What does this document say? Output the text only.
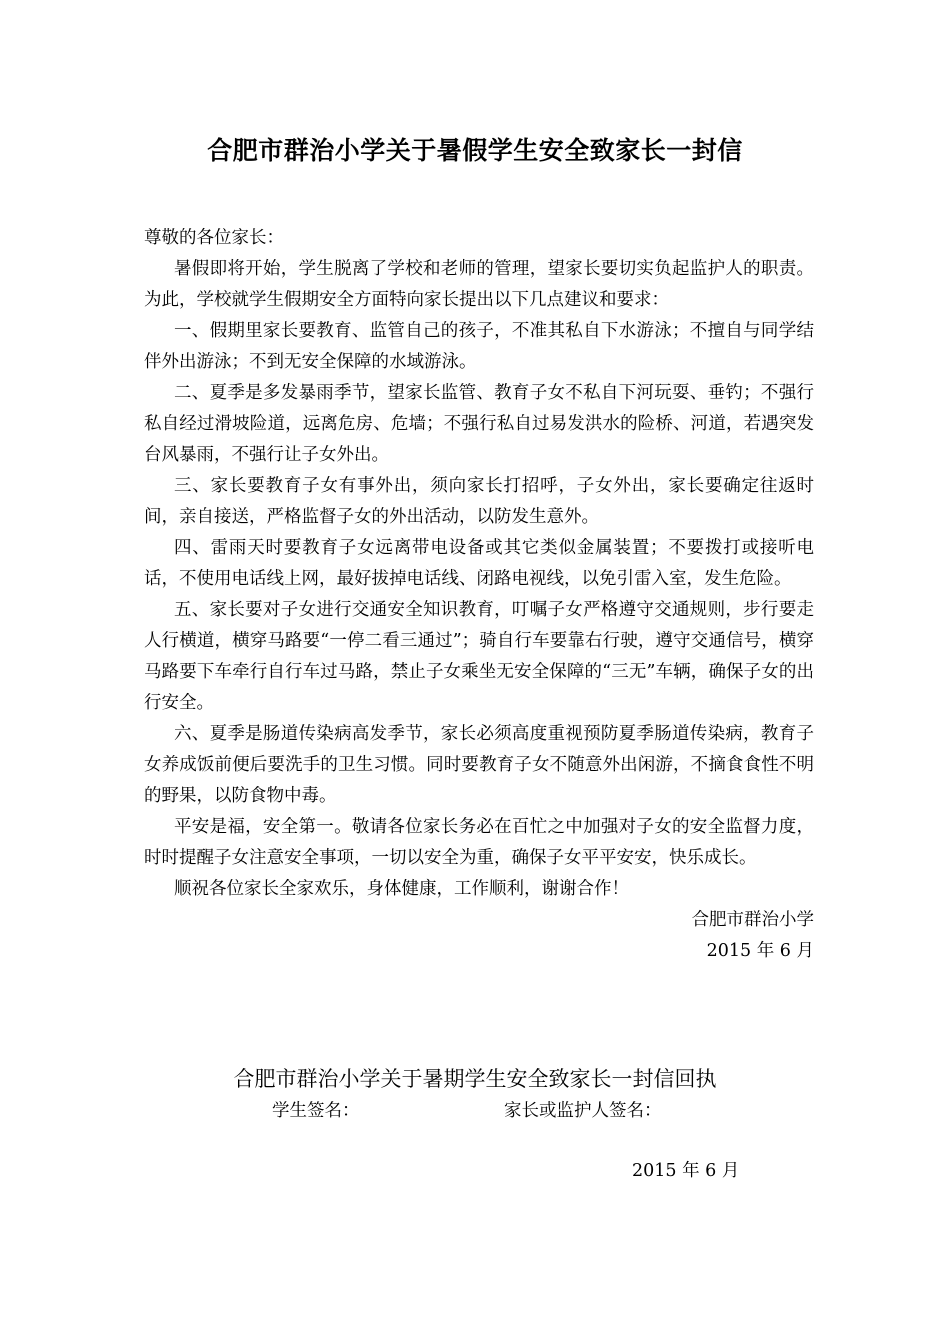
合肥市群治小学关于暑假学生安全致家长一封信

尊敬的各位家长：

暑假即将开始，学生脱离了学校和老师的管理，望家长要切实负起监护人的职责。为此，学校就学生假期安全方面特向家长提出以下几点建议和要求：

一、假期里家长要教育、监管自己的孩子，不准其私自下水游泳；不擅自与同学结伴外出游泳；不到无安全保障的水域游泳。

二、夏季是多发暴雨季节，望家长监管、教育子女不私自下河玩耍、垂钓；不强行私自经过滑坡险道，远离危房、危墙；不强行私自过易发洪水的险桥、河道，若遇突发台风暴雨，不强行让子女外出。

三、家长要教育子女有事外出，须向家长打招呼，子女外出，家长要确定往返时间，亲自接送，严格监督子女的外出活动，以防发生意外。

四、雷雨天时要教育子女远离带电设备或其它类似金属装置；不要拨打或接听电话，不使用电话线上网，最好拔掉电话线、闭路电视线，以免引雷入室，发生危险。

五、家长要对子女进行交通安全知识教育，叮嘱子女严格遵守交通规则，步行要走人行横道，横穿马路要“一停二看三通过”；骑自行车要靠右行驶，遵守交通信号，横穿马路要下车牵行自行车过马路，禁止子女乘坐无安全保障的“三无”车辆，确保子女的出行安全。

六、夏季是肠道传染病高发季节，家长必须高度重视预防夏季肠道传染病，教育子女养成饭前便后要洗手的卫生习惯。同时要教育子女不随意外出闲游，不摘食食性不明的野果，以防食物中毒。

平安是福，安全第一。敬请各位家长务必在百忙之中加强对子女的安全监督力度，时时提醒子女注意安全事项，一切以安全为重，确保子女平平安安，快乐成长。

顺祝各位家长全家欢乐，身体健康，工作顺利，谢谢合作！

合肥市群治小学

2015 年 6 月

合肥市群治小学关于暑期学生安全致家长一封信回执
学生签名：	家长或监护人签名：
2015 年 6 月
